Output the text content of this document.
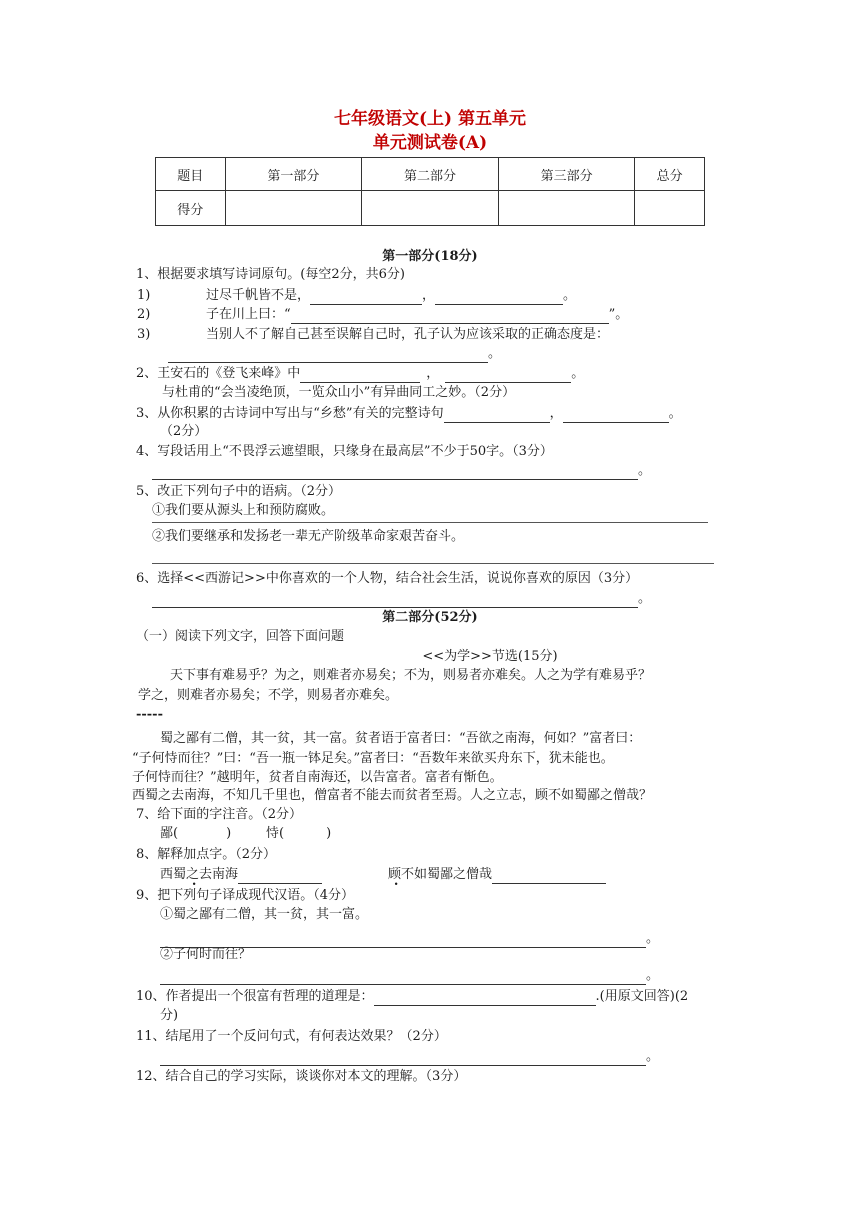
七年级语文(上) 第五单元
单元测试卷(A)
题目	第一部分	第二部分	第三部分	总分
得分				
第一部分(18分)
1、根据要求填写诗词原句。(每空2分，共6分)
1)	过尽千帆皆不是，	，	。
2)	子在川上曰：“	”。
3)	当别人不了解自己甚至误解自己时，孔子认为应该采取的正确态度是：
。
2、王安石的《登飞来峰》中	，	。
与杜甫的“会当凌绝顶，一览众山小”有异曲同工之妙。（2分）
3、从你积累的古诗词中写出与“乡愁”有关的完整诗句	，	。
（2分）
4、写段话用上“不畏浮云遮望眼，只缘身在最高层”不少于50字。（3分）
。
5、改正下列句子中的语病。（2分）
①我们要从源头上和预防腐败。
②我们要继承和发扬老一辈无产阶级革命家艰苦奋斗。
6、选择<<西游记>>中你喜欢的一个人物，结合社会生活，说说你喜欢的原因（3分）
。
第二部分(52分)
（一）阅读下列文字，回答下面问题
<<为学>>节选(15分)
天下事有难易乎？为之，则难者亦易矣；不为，则易者亦难矣。人之为学有难易乎？
学之，则难者亦易矣；不学，则易者亦难矣。
-----
蜀之鄙有二僧，其一贫，其一富。贫者语于富者曰：“吾欲之南海，何如？”富者曰：
“子何恃而往？”曰：“吾一瓶一钵足矣。”富者曰：“吾数年来欲买舟东下，犹未能也。
子何恃而往？”越明年，贫者自南海还，以告富者。富者有惭色。
西蜀之去南海，不知几千里也，僧富者不能去而贫者至焉。人之立志，顾不如蜀鄙之僧哉？
7、给下面的字注音。（2分）
鄙(	)	恃(	)
8、解释加点字。（2分）
西蜀之去南海	顾不如蜀鄙之僧哉
9、把下列句子译成现代汉语。（4分）
①蜀之鄙有二僧，其一贫，其一富。
。
②子何时而往？
。
10、作者提出一个很富有哲理的道理是：	.(用原文回答)(2
分)
11、结尾用了一个反问句式，有何表达效果？（2分）
。
12、结合自己的学习实际，谈谈你对本文的理解。（3分）
